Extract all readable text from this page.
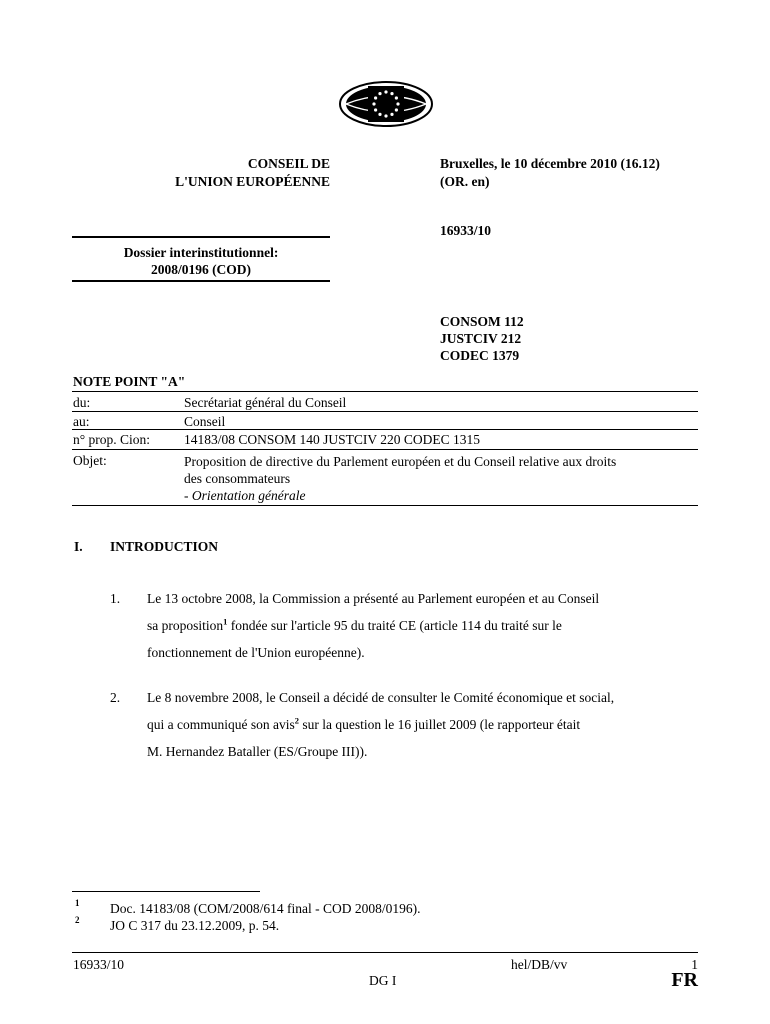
CONSEIL DE
L'UNION EUROPÉENNE
Bruxelles, le 10 décembre 2010 (16.12)
(OR. en)
16933/10
Dossier interinstitutionnel:
2008/0196 (COD)
CONSOM 112
JUSTCIV 212
CODEC 1379
NOTE POINT "A"
du:	Secrétariat général du Conseil
au:	Conseil
n° prop. Cion:	14183/08 CONSOM 140 JUSTCIV 220 CODEC 1315
Objet:	Proposition de directive du Parlement européen et du Conseil relative aux droits
des consommateurs
- Orientation générale
I. INTRODUCTION
1. Le 13 octobre 2008, la Commission a présenté au Parlement européen et au Conseil
sa proposition$^1$ fondée sur l'article 95 du traité CE (article 114 du traité sur le
fonctionnement de l'Union européenne).
2. Le 8 novembre 2008, le Conseil a décidé de consulter le Comité économique et social,
qui a communiqué son avis$^2$ sur la question le 16 juillet 2009 (le rapporteur était
M. Hernandez Bataller (ES/Groupe III)).
1 Doc. 14183/08 (COM/2008/614 final - COD 2008/0196).
2 JO C 317 du 23.12.2009, p. 54.
16933/10	hel/DB/vv	1
DG I	FR
